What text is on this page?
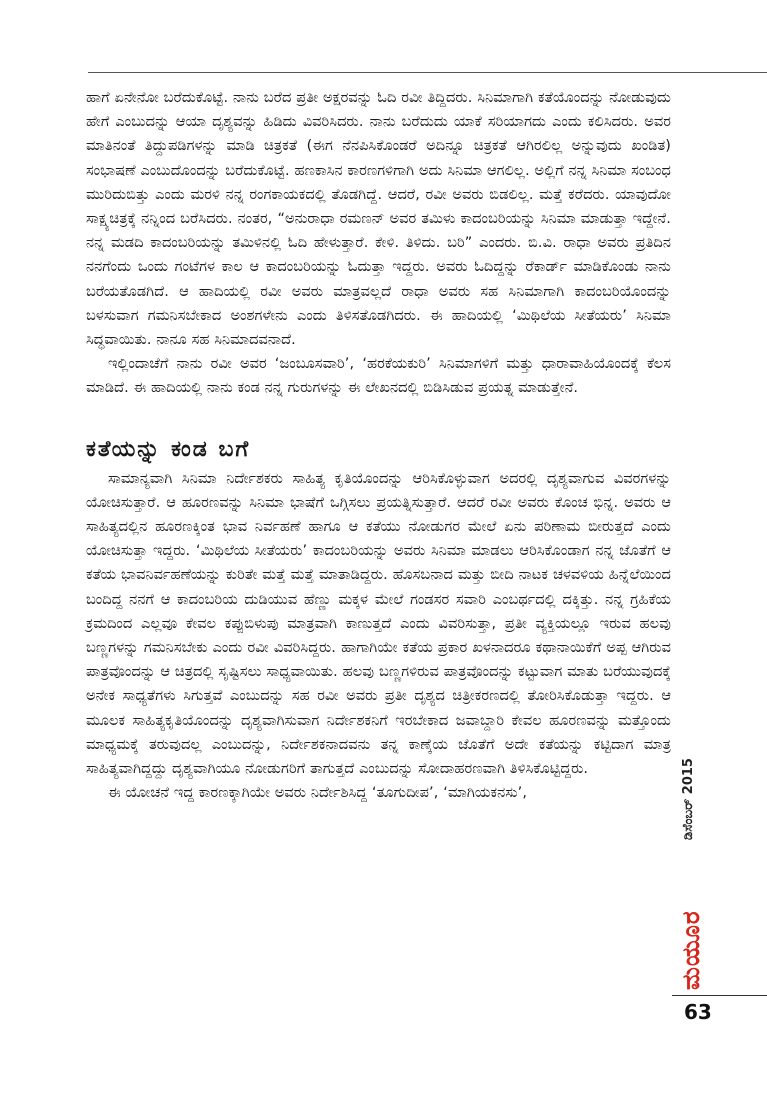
ಹಾಗೆ ಏನೇನೋ ಬರೆದುಕೊಟ್ಟೆ. ನಾನು ಬರೆದ ಪ್ರತೀ ಅಕ್ಷರವನ್ನು ಓದಿ ರವೀ ತಿದ್ದಿದರು. ಸಿನಿಮಾಗಾಗಿ ಕತೆಯೊಂದನ್ನು ನೋಡುವುದು ಹೇಗೆ ಎಂಬುದನ್ನು ಆಯಾ ದೃಶ್ಯವನ್ನು ಹಿಡಿದು ವಿವರಿಸಿದರು. ನಾನು ಬರೆದುದು ಯಾಕೆ ಸರಿಯಾಗದು ಎಂದು ಕಲಿಸಿದರು. ಅವರ ಮಾತಿನಂತೆ ತಿದ್ದುಪಡಿಗಳನ್ನು ಮಾಡಿ ಚಿತ್ರಕತೆ (ಈಗ ನೆನಪಿಸಿಕೊಂಡರೆ ಅದಿನ್ನೂ ಚಿತ್ರಕತೆ ಆಗಿರಲಿಲ್ಲ ಅನ್ನುವುದು ಖಂಡಿತ) ಸಂಭಾಷಣೆ ಎಂಬುದೊಂದನ್ನು ಬರೆದುಕೊಟ್ಟೆ. ಹಣಕಾಸಿನ ಕಾರಣಗಳಿಗಾಗಿ ಅದು ಸಿನಿಮಾ ಆಗಲಿಲ್ಲ. ಅಲ್ಲಿಗೆ ನನ್ನ ಸಿನಿಮಾ ಸಂಬಂಧ ಮುರಿದುಬಿತ್ತು ಎಂದು ಮರಳಿ ನನ್ನ ರಂಗಕಾಯಕದಲ್ಲಿ ತೊಡಗಿದ್ದೆ. ಆದರೆ, ರವೀ ಅವರು ಬಿಡಲಿಲ್ಲ. ಮತ್ತೆ ಕರೆದರು. ಯಾವುದೋ ಸಾಕ್ಷ್ಯಚಿತ್ರಕ್ಕೆ ನನ್ನಿಂದ ಬರೆಸಿದರು. ನಂತರ, “ಅನುರಾಧಾ ರಮಣನ್ ಅವರ ತಮಿಳು ಕಾದಂಬರಿಯನ್ನು ಸಿನಿಮಾ ಮಾಡುತ್ತಾ ಇದ್ದೇನೆ. ನನ್ನ ಮಡದಿ ಕಾದಂಬರಿಯನ್ನು ತಮಿಳಿನಲ್ಲಿ ಓದಿ ಹೇಳುತ್ತಾರೆ. ಕೇಳಿ. ತಿಳಿದು. ಬರಿ” ಎಂದರು. ಬಿ.ವಿ. ರಾಧಾ ಅವರು ಪ್ರತಿದಿನ ನನಗೆಂದು ಒಂದು ಗಂಟೆಗಳ ಕಾಲ ಆ ಕಾದಂಬರಿಯನ್ನು ಓದುತ್ತಾ ಇದ್ದರು. ಅವರು ಓದಿದ್ದನ್ನು ರೆಕಾರ್ಡ್ ಮಾಡಿಕೊಂಡು ನಾನು ಬರೆಯತೊಡಗಿದೆ. ಆ ಹಾದಿಯಲ್ಲಿ ರವೀ ಅವರು ಮಾತ್ರವಲ್ಲದೆ ರಾಧಾ ಅವರು ಸಹ ಸಿನಿಮಾಗಾಗಿ ಕಾದಂಬರಿಯೊಂದನ್ನು ಬಳಸುವಾಗ ಗಮನಿಸಬೇಕಾದ ಅಂಶಗಳೇನು ಎಂದು ತಿಳಿಸತೊಡಗಿದರು. ಈ ಹಾದಿಯಲ್ಲಿ ‘ಮಿಥಿಲೆಯ ಸೀತೆಯರು’ ಸಿನಿಮಾ ಸಿದ್ಧವಾಯಿತು. ನಾನೂ ಸಹ ಸಿನಿಮಾದವನಾದೆ.

ಇಲ್ಲಿಂದಾಚೆಗೆ ನಾನು ರವೀ ಅವರ ‘ಜಂಬೂಸವಾರಿ’, ‘ಹರಕೆಯಕುರಿ’ ಸಿನಿಮಾಗಳಿಗೆ ಮತ್ತು ಧಾರಾವಾಹಿಯೊಂದಕ್ಕೆ ಕೆಲಸ ಮಾಡಿದೆ. ಈ ಹಾದಿಯಲ್ಲಿ ನಾನು ಕಂಡ ನನ್ನ ಗುರುಗಳನ್ನು ಈ ಲೇಖನದಲ್ಲಿ ಬಿಡಿಸಿಡುವ ಪ್ರಯತ್ನ ಮಾಡುತ್ತೇನೆ.

ಕತೆಯನ್ನು ಕಂಡ ಬಗೆ

ಸಾಮಾನ್ಯವಾಗಿ ಸಿನಿಮಾ ನಿರ್ದೇಶಕರು ಸಾಹಿತ್ಯ ಕೃತಿಯೊಂದನ್ನು ಆರಿಸಿಕೊಳ್ಳುವಾಗ ಅದರಲ್ಲಿ ದೃಶ್ಯವಾಗುವ ವಿವರಗಳನ್ನು ಯೋಚಿಸುತ್ತಾರೆ. ಆ ಹೂರಣವನ್ನು ಸಿನಿಮಾ ಭಾಷೆಗೆ ಒಗ್ಗಿಸಲು ಪ್ರಯತ್ನಿಸುತ್ತಾರೆ. ಆದರೆ ರವೀ ಅವರು ಕೊಂಚ ಭಿನ್ನ. ಅವರು ಆ ಸಾಹಿತ್ಯದಲ್ಲಿನ ಹೂರಣಕ್ಕಿಂತ ಭಾವ ನಿರ್ವಹಣೆ ಹಾಗೂ ಆ ಕತೆಯು ನೋಡುಗರ ಮೇಲೆ ಏನು ಪರಿಣಾಮ ಬೀರುತ್ತದೆ ಎಂದು ಯೋಚಿಸುತ್ತಾ ಇದ್ದರು. ‘ಮಿಥಿಲೆಯ ಸೀತೆಯರು’ ಕಾದಂಬರಿಯನ್ನು ಅವರು ಸಿನಿಮಾ ಮಾಡಲು ಆರಿಸಿಕೊಂಡಾಗ ನನ್ನ ಜೊತೆಗೆ ಆ ಕತೆಯ ಭಾವನಿರ್ವಹಣೆಯನ್ನು ಕುರಿತೇ ಮತ್ತೆ ಮತ್ತೆ ಮಾತಾಡಿದ್ದರು. ಹೊಸಬನಾದ ಮತ್ತು ಬೀದಿ ನಾಟಕ ಚಳವಳಿಯ ಹಿನ್ನೆಲೆಯಿಂದ ಬಂದಿದ್ದ ನನಗೆ ಆ ಕಾದಂಬರಿಯ ದುಡಿಯುವ ಹೆಣ್ಣು ಮಕ್ಕಳ ಮೇಲೆ ಗಂಡಸರ ಸವಾರಿ ಎಂಬರ್ಥದಲ್ಲಿ ದಕ್ಕಿತ್ತು. ನನ್ನ ಗ್ರಹಿಕೆಯ ಕ್ರಮದಿಂದ ಎಲ್ಲವೂ ಕೇವಲ ಕಪ್ಪುಬಿಳುಪು ಮಾತ್ರವಾಗಿ ಕಾಣುತ್ತದೆ ಎಂದು ವಿವರಿಸುತ್ತಾ, ಪ್ರತೀ ವ್ಯಕ್ತಿಯಲ್ಲೂ ಇರುವ ಹಲವು ಬಣ್ಣಗಳನ್ನು ಗಮನಿಸಬೇಕು ಎಂದು ರವೀ ವಿವರಿಸಿದ್ದರು. ಹಾಗಾಗಿಯೇ ಕತೆಯ ಪ್ರಕಾರ ಖಳನಾದರೂ ಕಥಾನಾಯಿಕೆಗೆ ಅಪ್ಪ ಆಗಿರುವ ಪಾತ್ರವೊಂದನ್ನು ಆ ಚಿತ್ರದಲ್ಲಿ ಸೃಷ್ಟಿಸಲು ಸಾಧ್ಯವಾಯಿತು. ಹಲವು ಬಣ್ಣಗಳಿರುವ ಪಾತ್ರವೊಂದನ್ನು ಕಟ್ಟುವಾಗ ಮಾತು ಬರೆಯುವುದಕ್ಕೆ ಅನೇಕ ಸಾಧ್ಯತೆಗಳು ಸಿಗುತ್ತವೆ ಎಂಬುದನ್ನು ಸಹ ರವೀ ಅವರು ಪ್ರತೀ ದೃಶ್ಯದ ಚಿತ್ರೀಕರಣದಲ್ಲಿ ತೋರಿಸಿಕೊಡುತ್ತಾ ಇದ್ದರು. ಆ ಮೂಲಕ ಸಾಹಿತ್ಯಕೃತಿಯೊಂದನ್ನು ದೃಶ್ಯವಾಗಿಸುವಾಗ ನಿರ್ದೇಶಕನಿಗೆ ಇರಬೇಕಾದ ಜವಾಬ್ದಾರಿ ಕೇವಲ ಹೂರಣವನ್ನು ಮತ್ತೊಂದು ಮಾಧ್ಯಮಕ್ಕೆ ತರುವುದಲ್ಲ ಎಂಬುದನ್ನು, ನಿರ್ದೇಶಕನಾದವನು ತನ್ನ ಕಾಣ್ಕೆಯ ಜೊತೆಗೆ ಅದೇ ಕತೆಯನ್ನು ಕಟ್ಟಿದಾಗ ಮಾತ್ರ ಸಾಹಿತ್ಯವಾಗಿದ್ದದ್ದು ದೃಶ್ಯವಾಗಿಯೂ ನೋಡುಗರಿಗೆ ತಾಗುತ್ತದೆ ಎಂಬುದನ್ನು ಸೋದಾಹರಣವಾಗಿ ತಿಳಿಸಿಕೊಟ್ಟಿದ್ದರು.

ಈ ಯೋಚನೆ ಇದ್ದ ಕಾರಣಕ್ಕಾಗಿಯೇ ಅವರು ನಿರ್ದೇಶಿಸಿದ್ದ ‘ತೂಗುದೀಪ’, ‘ಮಾಗಿಯಕನಸು’,	ಡಿಸೆಂಬರ್ 2015
ಮಯೂರ
63
